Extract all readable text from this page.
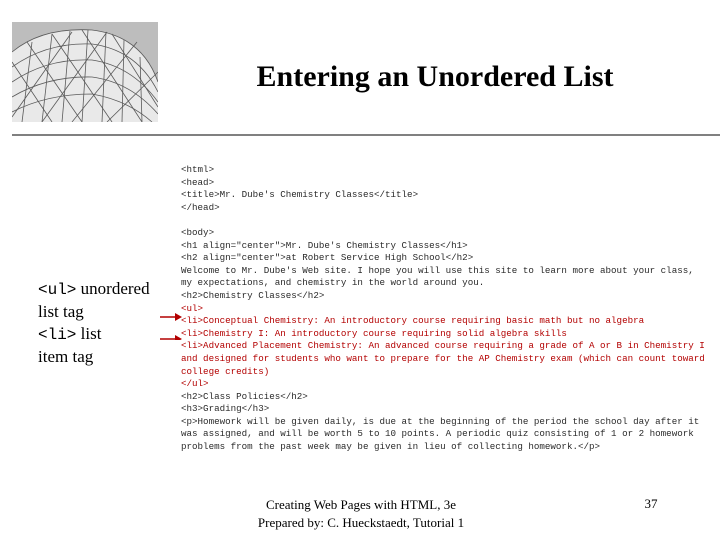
Entering an Unordered List
<ul> unordered
list tag
<li> list
item tag
<html>
<head>
<title>Mr. Dube's Chemistry Classes</title>
</head>
<body>
<h1 align="center">Mr. Dube's Chemistry Classes</h1>
<h2 align="center">at Robert Service High School</h2>
Welcome to Mr. Dube's Web site. I hope you will use this site to learn more about your class,
my expectations, and chemistry in the world around you.
<h2>Chemistry Classes</h2>
<ul>
<li>Conceptual Chemistry: An introductory course requiring basic math but no algebra
<li>Chemistry I: An introductory course requiring solid algebra skills
<li>Advanced Placement Chemistry: An advanced course requiring a grade of A or B in Chemistry I
and designed for students who want to prepare for the AP Chemistry exam (which can count toward
college credits)
</ul>
<h2>Class Policies</h2>
<h3>Grading</h3>
<p>Homework will be given daily, is due at the beginning of the period the school day after it
was assigned, and will be worth 5 to 10 points. A periodic quiz consisting of 1 or 2 homework
problems from the past week may be given in lieu of collecting homework.</p>
Creating Web Pages with HTML, 3e
Prepared by: C. Hueckstaedt, Tutorial 1
37
